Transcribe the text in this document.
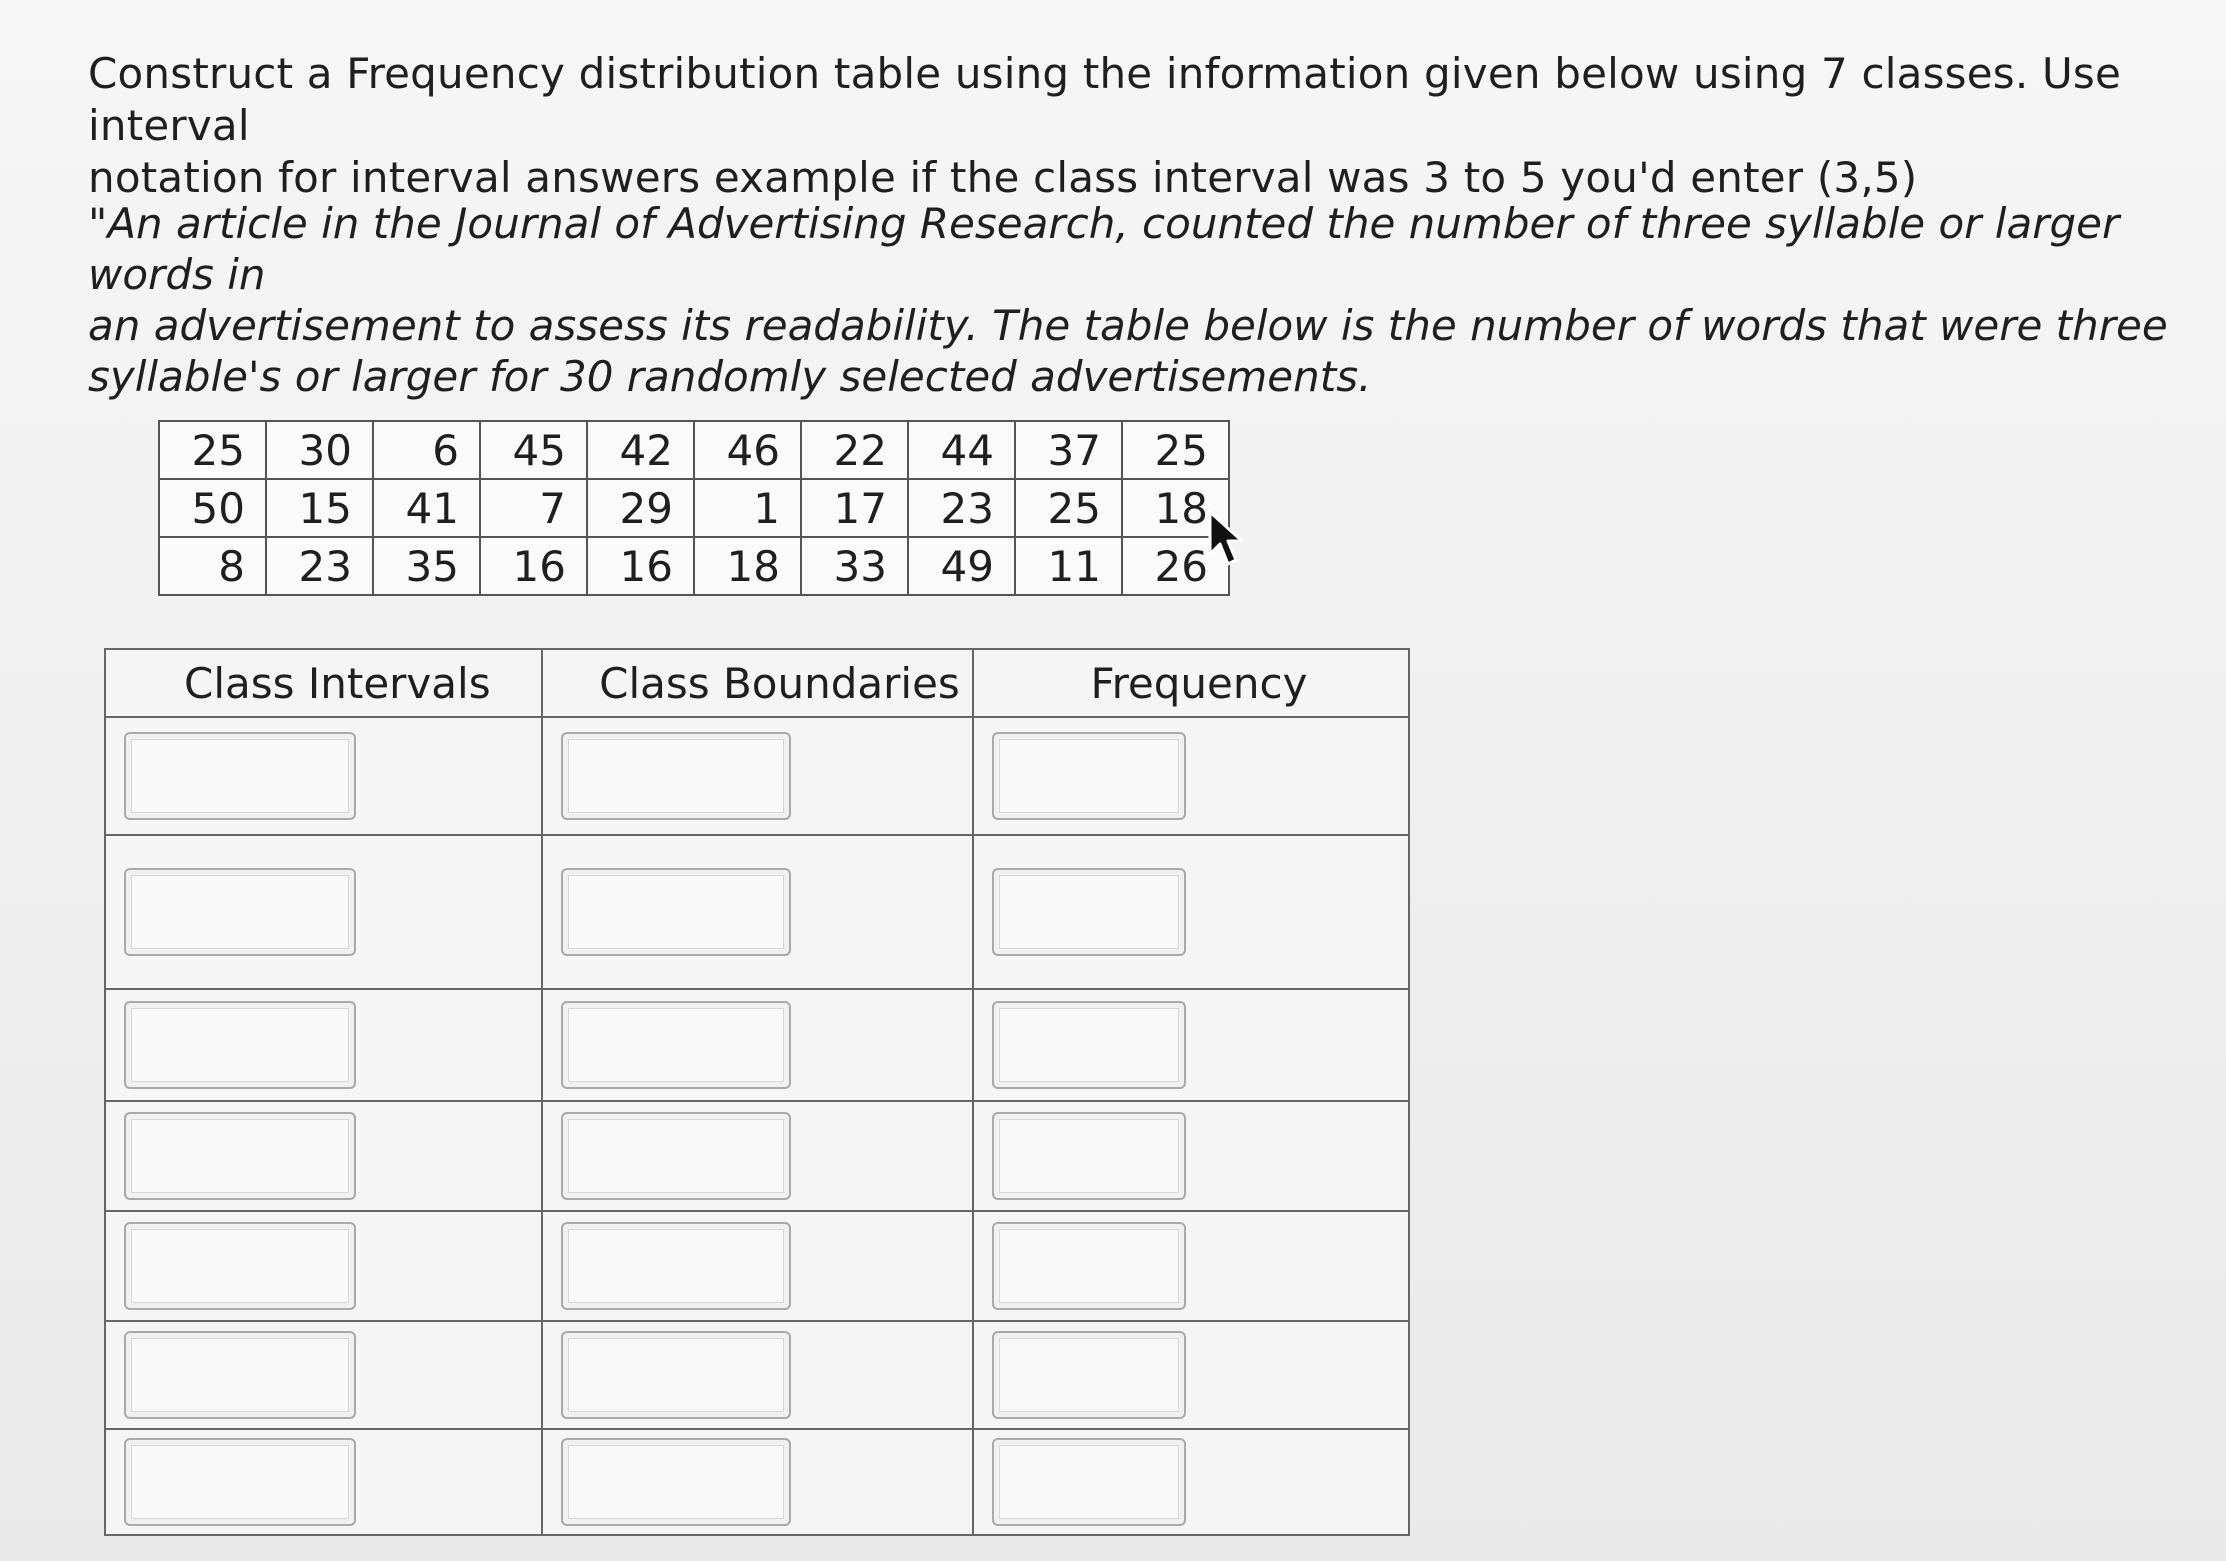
Construct a Frequency distribution table using the information given below using 7 classes. Use interval

notation for interval answers example if the class interval was 3 to 5 you'd enter (3,5)

"An article in the Journal of Advertising Research, counted the number of three syllable or larger words in

an advertisement to assess its readability. The table below is the number of words that were three

syllable's or larger for 30 randomly selected advertisements.

25	30	6	45	42	46	22	44	37	25
50	15	41	7	29	1	17	23	25	18
8	23	35	16	16	18	33	49	11	26
Class Intervals	Class Boundaries	Frequency
